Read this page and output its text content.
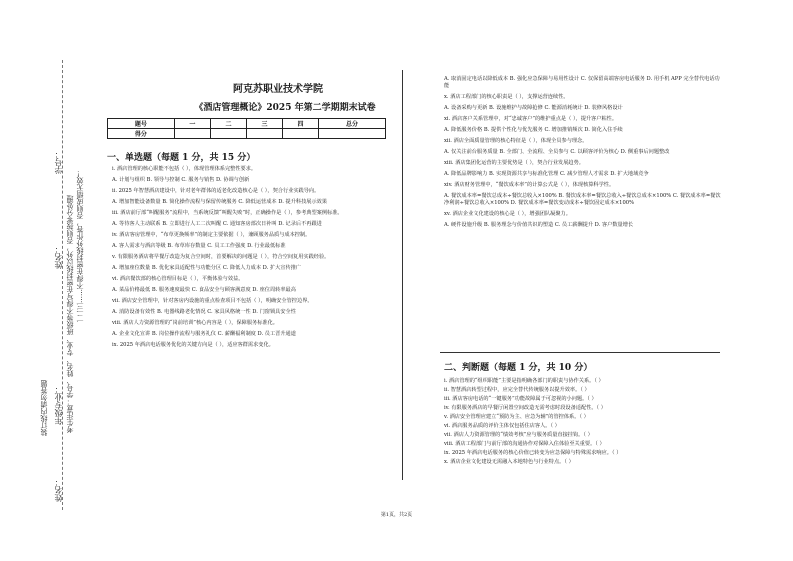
学号：
姓名：
年级专业：
姓名：
一二三……不得在密封线外作答，否则成绩无效！
考生注意：学号、姓名、专业、班级等不得写在密封线以外，否则按零分处理
装订线内请勿答题
阿克苏职业技术学院
《酒店管理概论》2025 年第二学期期末试卷
题号	一	二	三	四	总分
得分					
一、单选题（每题 1 分，共 15 分）

i. 酒店管理的核心职能不包括（ ），体现管理体系完整性要求。

A. 计划与组织 B. 领导与控制 C. 服务与销售 D. 协调与创新

ii. 2025 年智慧酒店建设中，针对老年群体的适老化改造核心是（ ），契合行业实践导向。

A. 增加智能设备数量 B. 简化操作流程与保留传统服务 C. 降低运营成本 D. 提升科技展示效果

iii. 酒店前厅部“叫醒服务”流程中，当系统反馈“叫醒失败”时，正确操作是（ ），参考典型案例标准。

A. 等待客人主动联系 B. 立即进行人工二次叫醒 C. 通知客房部次日补叫 D. 记录后不再跟进

iv. 酒店客房管理中，“布草更换频率”的制定主要依据（ ），兼顾服务品质与成本控制。

A. 客人需求与酒店等级 B. 布草库存数量 C. 员工工作强度 D. 行业最低标准

v. 有限服务酒店将早餐厅改造为复合空间时，首要解决的问题是（ ），符合空间复用实践经验。

A. 增加座位数量 B. 优化家具适配性与功能分区 C. 降低人力成本 D. 扩大宣传推广

vi. 酒店餐饮部的核心管理目标是（ ），平衡体验与效益。

A. 菜品价格最低 B. 服务速度最快 C. 食品安全与顾客满意度 D. 座位周转率最高

vii. 酒店安全管理中，针对客房内设施的重点检查项目不包括（ ），明确安全管控边界。

A. 消防设备有效性 B. 电器线路老化情况 C. 家具风格统一性 D. 门窗锁具安全性

viii. 酒店人力资源管理的“岗前培训”核心内容是（ ），保障服务标准化。

A. 企业文化宣讲 B. 岗位操作流程与服务礼仪 C. 薪酬福利制度 D. 员工晋升通道

ix. 2025 年酒店电话服务优化的关键方向是（ ），适应客群需求变化。

A. 取消固定电话以降低成本 B. 强化应急保障与易用性设计 C. 仅保留高端客房电话服务 D. 用手机 APP 完全替代电话功能

x. 酒店工程部门的核心职责是（ ），支撑运营连续性。

A. 设备采购与更新 B. 设施维护与故障抢修 C. 能源消耗统计 D. 装修风格设计

xi. 酒店客户关系管理中，对“忠诚客户”的维护重点是（ ），提升客户粘性。

A. 降低服务价格 B. 提供个性化与优先服务 C. 增加推销频次 D. 简化入住手续

xii. 酒店全面质量管理的核心特征是（ ），体现全员参与理念。

A. 仅关注前台服务质量 B. 全部门、全流程、全员参与 C. 以顾客评价为核心 D. 侧重事后问题整改

xiii. 酒店集团化运营的主要优势是（ ），契合行业发展趋势。

A. 降低品牌影响力 B. 实现资源共享与标准化管理 C. 减少管理人才需求 D. 扩大地域竞争

xiv. 酒店财务管理中，“餐饮成本率”的计算公式是（ ），体现核算科学性。

A. 餐饮成本率=餐饮总成本÷餐饮总收入×100% B. 餐饮成本率=餐饮总收入÷餐饮总成本×100% C. 餐饮成本率=餐饮净利润÷餐饮总收入×100% D. 餐饮成本率=餐饮变动成本÷餐饮固定成本×100%

xv. 酒店企业文化建设的核心是（ ），增强团队凝聚力。

A. 硬件设施升级 B. 服务理念与价值共识的塑造 C. 员工薪酬提升 D. 客户数量增长

二、判断题（每题 1 分，共 10 分）

i. 酒店管理的“组织职能”主要是指明确各部门的职责与协作关系。（ ）

ii. 智慧酒店转型过程中，应完全替代传统服务以提升效率。（ ）

iii. 酒店客房电话的“一键服务”功能故障属于可忽视的小问题。（ ）

iv. 有限服务酒店的早餐厅闲置空间改造无需考虑时段设备适配性。（ ）

v. 酒店安全管理应建立“预防为主、应急为辅”的管控体系。（ ）

vi. 酒店服务品质的评价主体仅包括住店客人。（ ）

vii. 酒店人力资源管理的“绩效考核”应与服务质量直接挂钩。（ ）

viii. 酒店工程部门与前厅部的沟通协作对保障入住体验至关重要。（ ）

ix. 2025 年酒店电话服务的核心价值已转变为应急保障与特殊需求响应。（ ）

x. 酒店企业文化建设无需融入本地特色与行业特点。（ ）

第1页，共2页
